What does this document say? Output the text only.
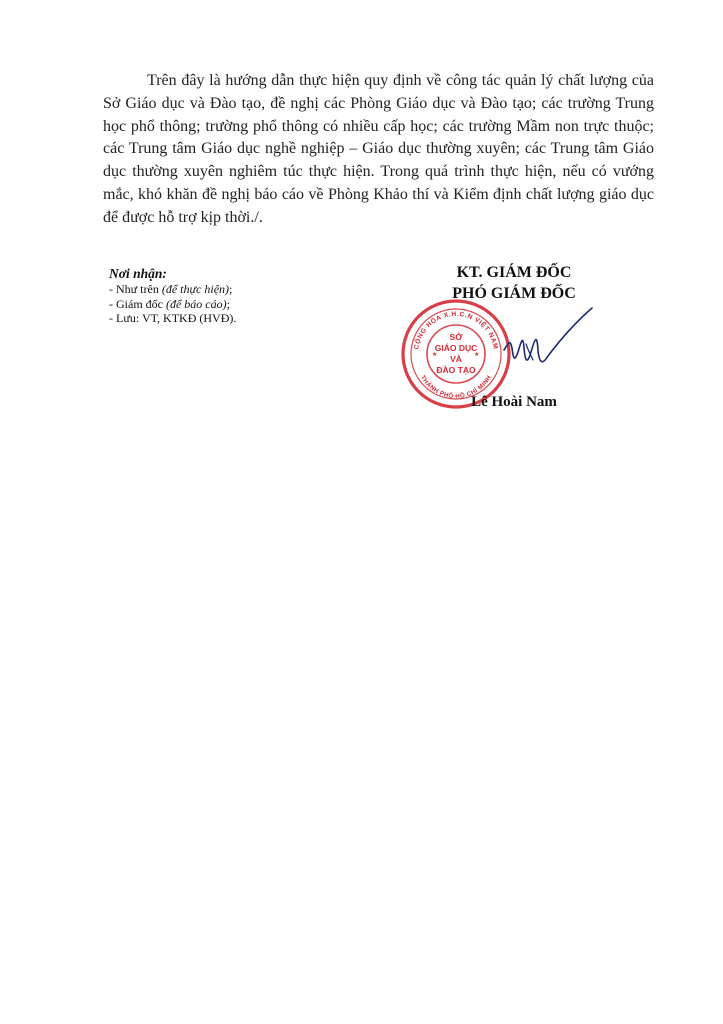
Trên đây là hướng dẫn thực hiện quy định về công tác quản lý chất lượng của Sở Giáo dục và Đào tạo, đề nghị các Phòng Giáo dục và Đào tạo; các trường Trung học phổ thông; trường phổ thông có nhiều cấp học; các trường Mầm non trực thuộc; các Trung tâm Giáo dục nghề nghiệp – Giáo dục thường xuyên; các Trung tâm Giáo dục thường xuyên nghiêm túc thực hiện. Trong quá trình thực hiện, nếu có vướng mắc, khó khăn đề nghị báo cáo về Phòng Khảo thí và Kiểm định chất lượng giáo dục để được hỗ trợ kịp thời./.

Nơi nhận:
- Như trên (để thực hiện);
- Giám đốc (để báo cáo);
- Lưu: VT, KTKĐ (HVĐ).
KT. GIÁM ĐỐC
PHÓ GIÁM ĐỐC
CỘNG HÒA X.H.C.N VIỆT NAM
THÀNH PHỐ HỒ CHÍ MINH
★	★
SỞ
GIÁO DỤC
VÀ
ĐÀO TẠO
Lê Hoài Nam
